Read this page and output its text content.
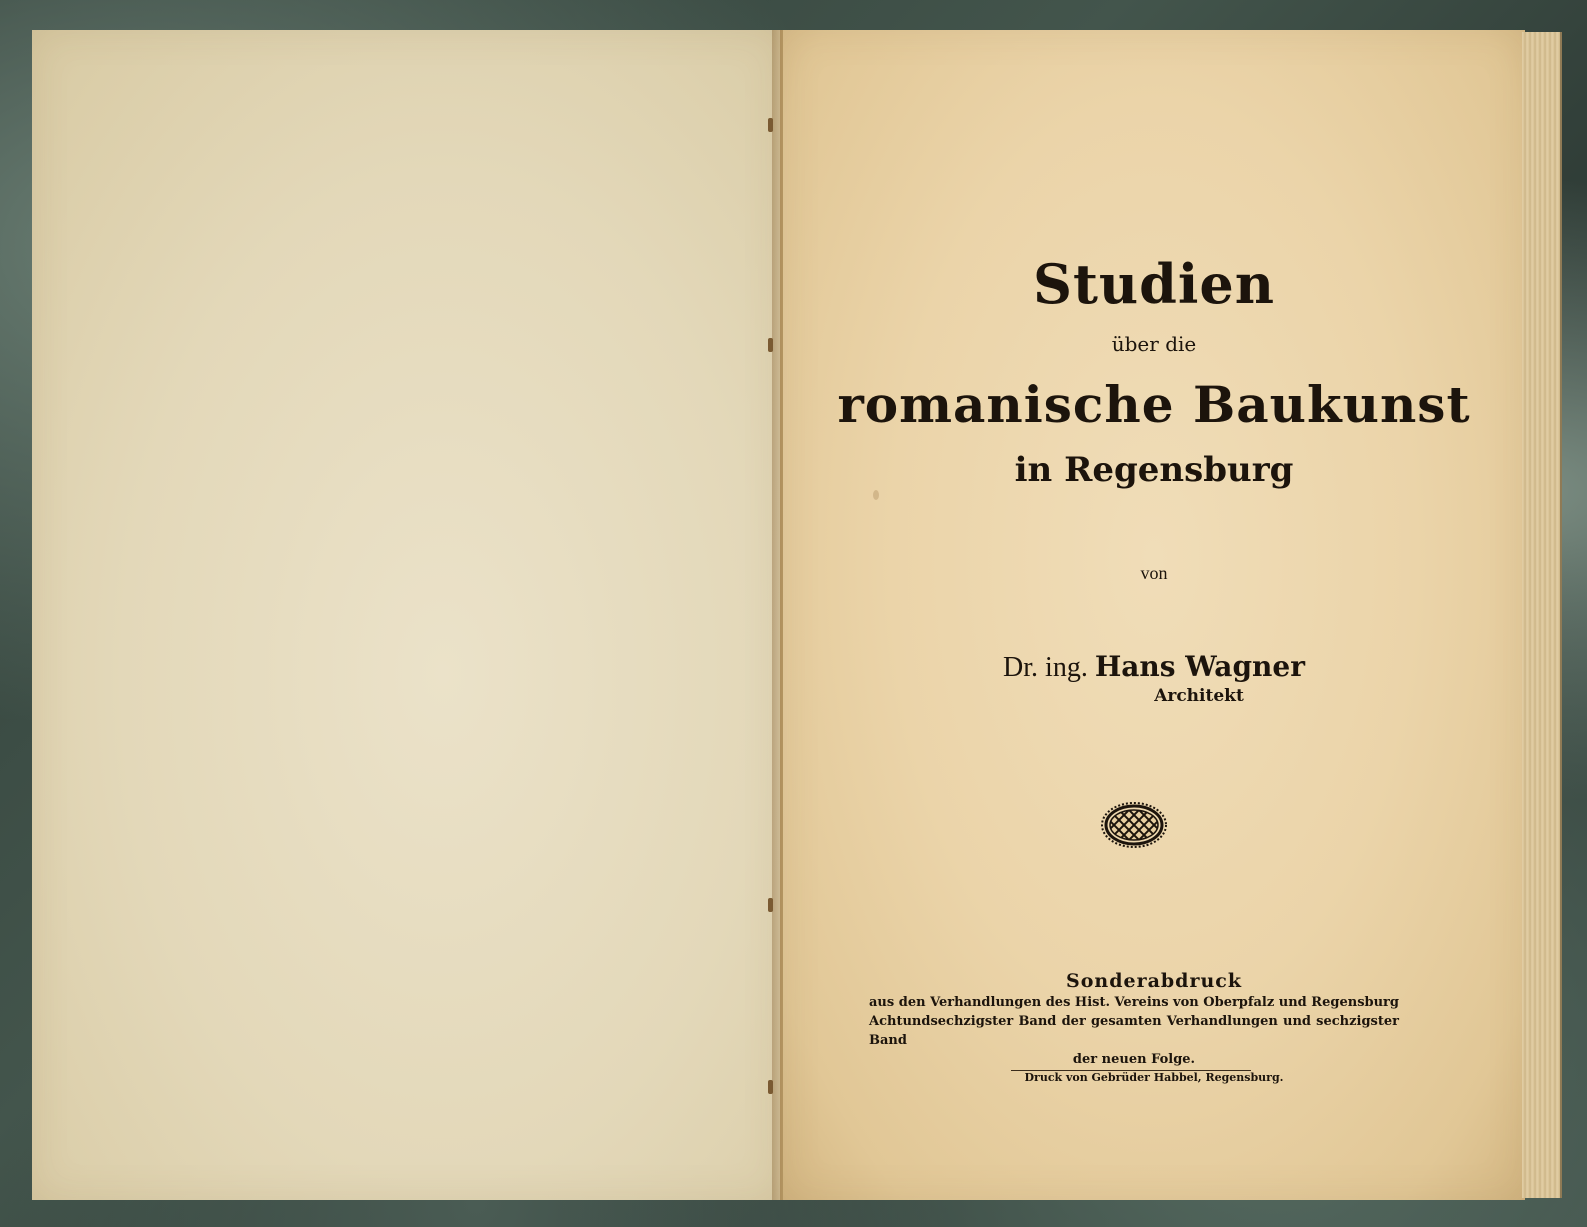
Studien
über die
romanische Baukunst
in Regensburg
von
Dr. ing. Hans Wagner
Architekt
Sonderabdruck
aus den Verhandlungen des Hist. Vereins von Oberpfalz und Regensburg
Achtundsechzigster Band der gesamten Verhandlungen und sechzigster Band
der neuen Folge.
Druck von Gebrüder Habbel, Regensburg.
